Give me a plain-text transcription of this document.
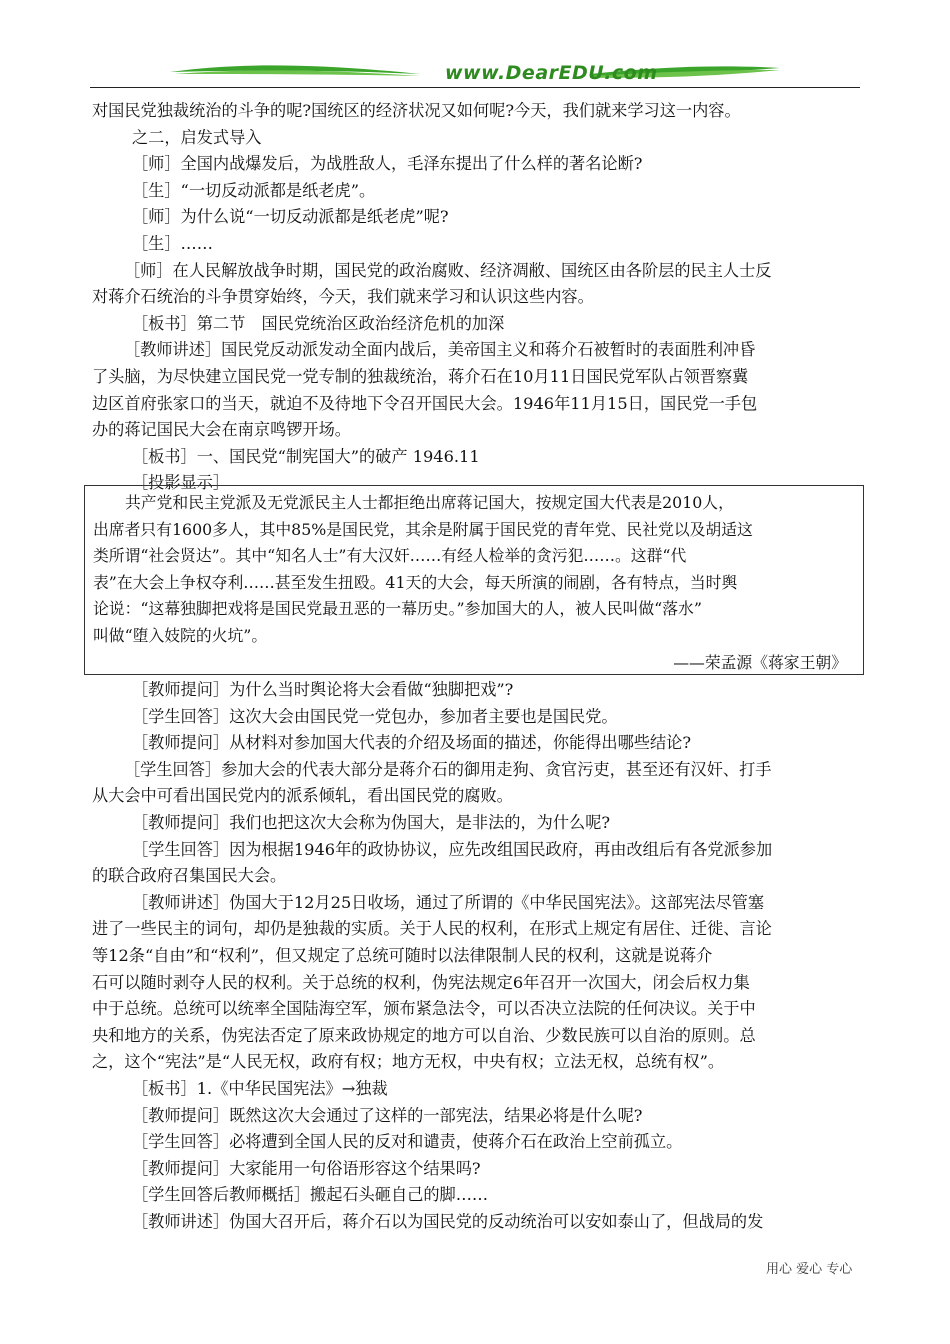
www.DearEDU.com
对国民党独裁统治的斗争的呢?国统区的经济状况又如何呢?今天，我们就来学习这一内容。
之二，启发式导入
［师］全国内战爆发后，为战胜敌人，毛泽东提出了什么样的著名论断?
［生］“一切反动派都是纸老虎”。
［师］为什么说“一切反动派都是纸老虎”呢?
［生］……
［师］在人民解放战争时期，国民党的政治腐败、经济凋敝、国统区由各阶层的民主人士反
对蒋介石统治的斗争贯穿始终，今天，我们就来学习和认识这些内容。
［板书］第二节　国民党统治区政治经济危机的加深
［教师讲述］国民党反动派发动全面内战后，美帝国主义和蒋介石被暂时的表面胜利冲昏
了头脑，为尽快建立国民党一党专制的独裁统治，蒋介石在10月11日国民党军队占领晋察冀
边区首府张家口的当天，就迫不及待地下令召开国民大会。1946年11月15日，国民党一手包
办的蒋记国民大会在南京鸣锣开场。
［板书］一、国民党“制宪国大”的破产 1946.11
［投影显示］
共产党和民主党派及无党派民主人士都拒绝出席蒋记国大，按规定国大代表是2010人，
出席者只有1600多人，其中85%是国民党，其余是附属于国民党的青年党、民社党以及胡适这
类所谓“社会贤达”。其中“知名人士”有大汉奸……有经人检举的贪污犯……。这群“代
表”在大会上争权夺利……甚至发生扭殴。41天的大会，每天所演的闹剧，各有特点，当时舆
论说：“这幕独脚把戏将是国民党最丑恶的一幕历史。”参加国大的人，被人民叫做“落水”
叫做“堕入妓院的火坑”。
——荣孟源《蒋家王朝》
［教师提问］为什么当时舆论将大会看做“独脚把戏”?
［学生回答］这次大会由国民党一党包办，参加者主要也是国民党。
［教师提问］从材料对参加国大代表的介绍及场面的描述，你能得出哪些结论?
［学生回答］参加大会的代表大部分是蒋介石的御用走狗、贪官污吏，甚至还有汉奸、打手
从大会中可看出国民党内的派系倾轧，看出国民党的腐败。
［教师提问］我们也把这次大会称为伪国大，是非法的，为什么呢?
［学生回答］因为根据1946年的政协协议，应先改组国民政府，再由改组后有各党派参加
的联合政府召集国民大会。
［教师讲述］伪国大于12月25日收场，通过了所谓的《中华民国宪法》。这部宪法尽管塞
进了一些民主的词句，却仍是独裁的实质。关于人民的权利，在形式上规定有居住、迁徙、言论
等12条“自由”和“权利”，但又规定了总统可随时以法律限制人民的权利，这就是说蒋介
石可以随时剥夺人民的权利。关于总统的权利，伪宪法规定6年召开一次国大，闭会后权力集
中于总统。总统可以统率全国陆海空军，颁布紧急法令，可以否决立法院的任何决议。关于中
央和地方的关系，伪宪法否定了原来政协规定的地方可以自治、少数民族可以自治的原则。总
之，这个“宪法”是“人民无权，政府有权；地方无权，中央有权；立法无权，总统有权”。
［板书］1.《中华民国宪法》→独裁
［教师提问］既然这次大会通过了这样的一部宪法，结果必将是什么呢?
［学生回答］必将遭到全国人民的反对和谴责，使蒋介石在政治上空前孤立。
［教师提问］大家能用一句俗语形容这个结果吗?
［学生回答后教师概括］搬起石头砸自己的脚……
［教师讲述］伪国大召开后，蒋介石以为国民党的反动统治可以安如泰山了，但战局的发
用心 爱心 专心
